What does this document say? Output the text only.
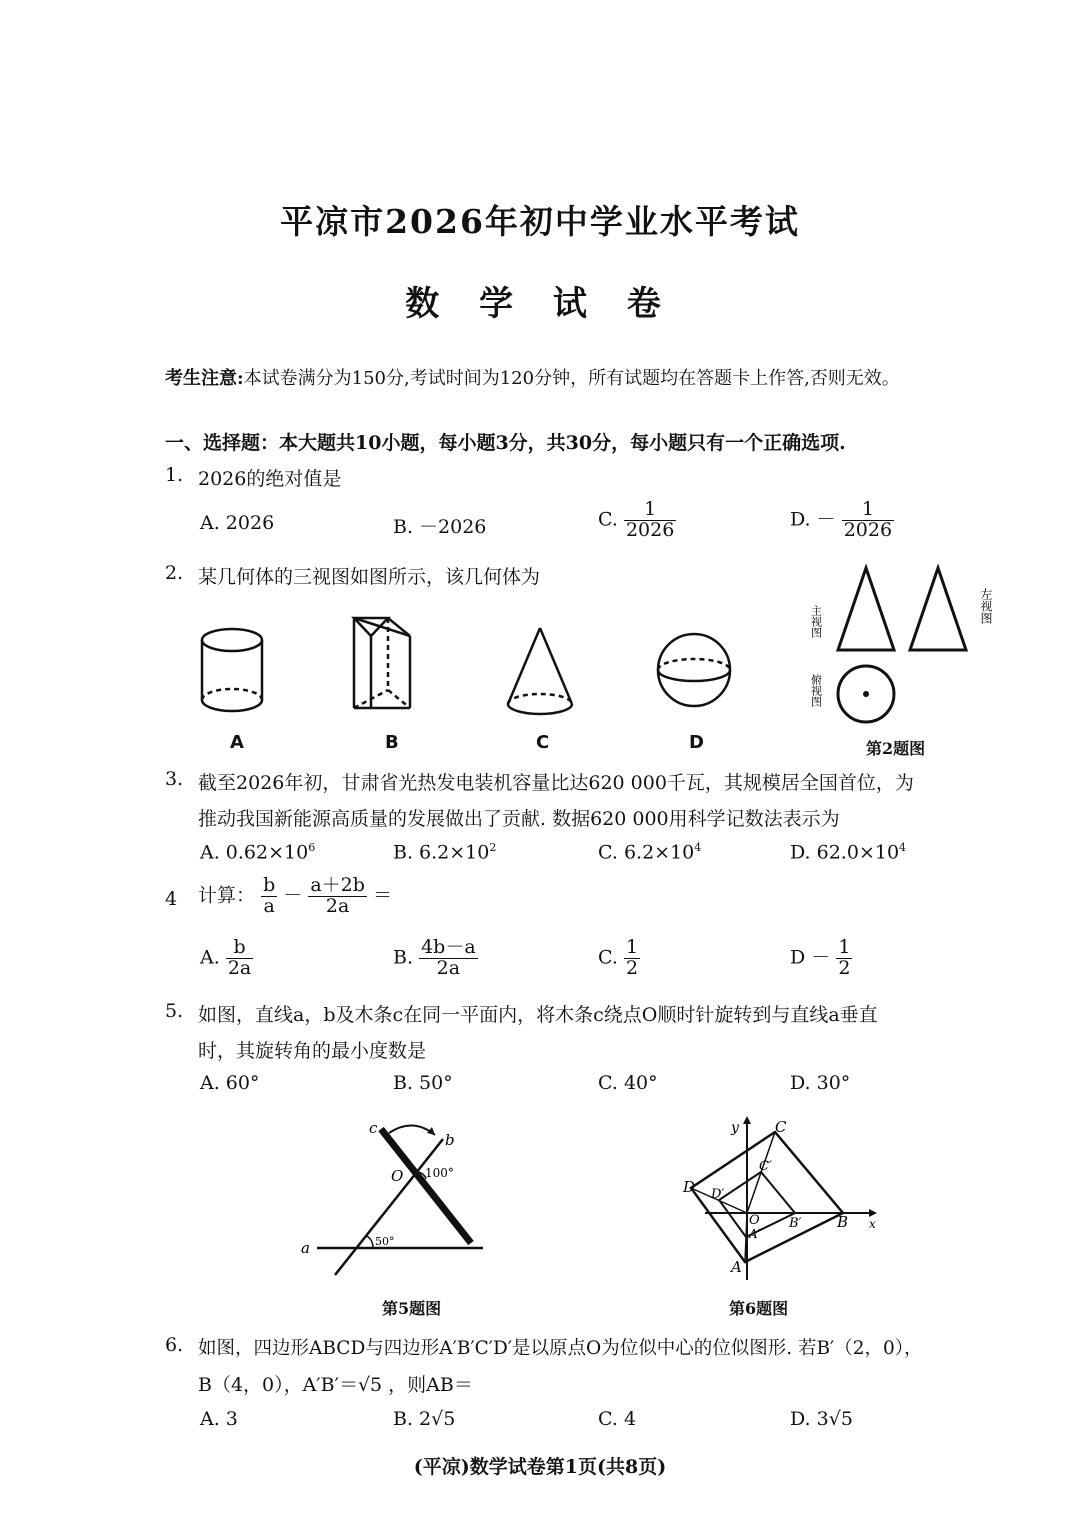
平凉市2026年初中学业水平考试
数 学 试 卷
考生注意:本试卷满分为150分,考试时间为120分钟，所有试题均在答题卡上作答,否则无效。
一、选择题：本大题共10小题，每小题3分，共30分，每小题只有一个正确选项.
1. 2026的绝对值是
A. 2026	B. －2026	C. $\frac{1}{2026}$	D. － $\frac{1}{2026}$
2. 某几何体的三视图如图所示，该几何体为
A	B	C	D
主视图	左视图
俯视图
第2题图
3. 截至2026年初，甘肃省光热发电装机容量比达620 000千瓦，其规模居全国首位，为
推动我国新能源高质量的发展做出了贡献. 数据620 000用科学记数法表示为
A. $0.62\times 10^6$	B. $6.2\times 10^2$	C. $6.2\times 10^4$	D. $62.0\times 10^4$
4 计算： $\frac{b}{a} - \frac{a+2b}{2a}$ ＝
A. $\frac{b}{2a}$	B. $\frac{4b-a}{2a}$	C. $\frac{1}{2}$	$D - \frac{1}{2}$
5. 如图，直线a，b及木条c在同一平面内，将木条c绕点O顺时针旋转到与直线a垂直
时，其旋转角的最小度数是
A. 60°	B. 50°	C. 40°	D. 30°
c
b
O 100°
a	50°
第5题图
y
x
C
C′
D D′
O
A′
B′ B
A
第6题图
6. 如图，四边形ABCD与四边形A′B′C′D′是以原点O为位似中心的位似图形. 若B′（2，0），
B（4，0），A′B′＝√5 ，则AB＝
A. 3	B. 2√5	C. 4	D. 3√5
(平凉)数学试卷第1页(共8页)
